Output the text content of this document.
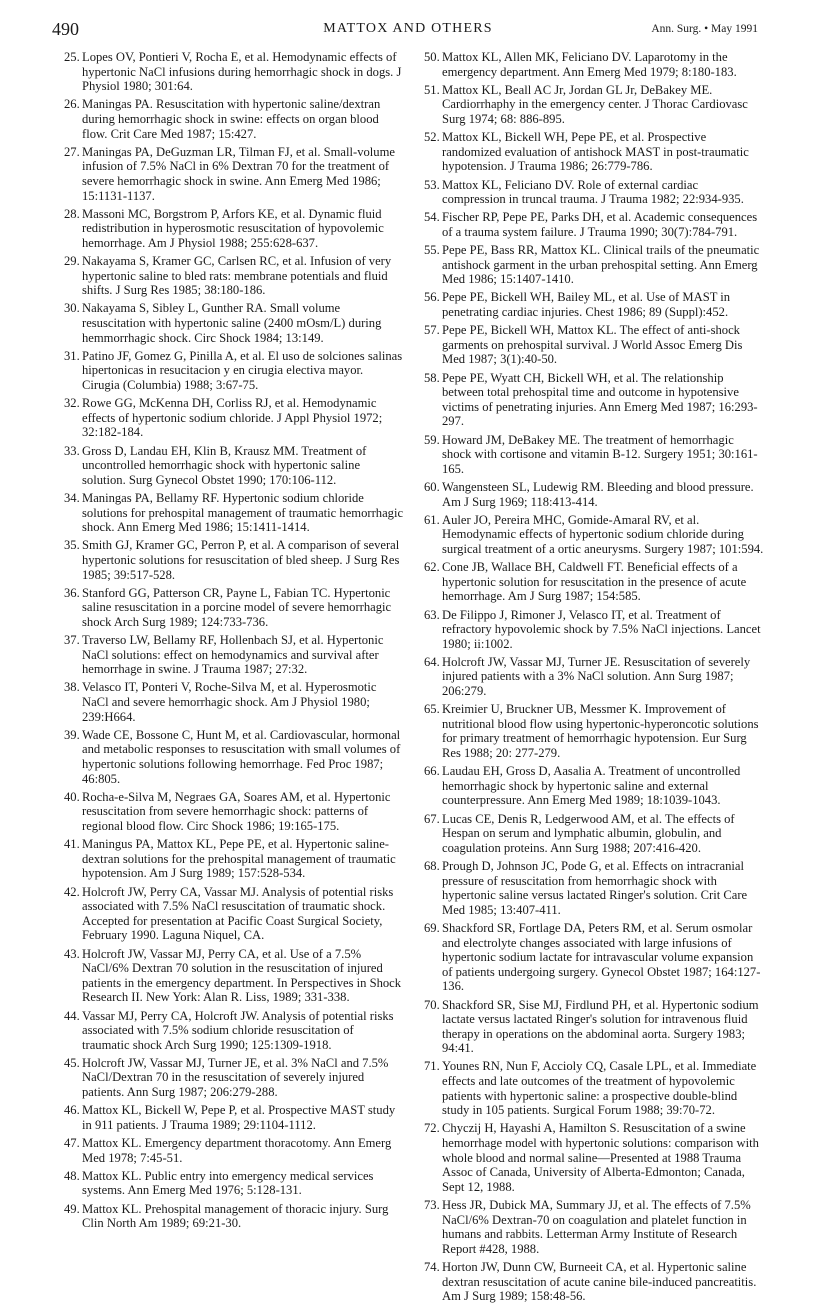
490	MATTOX AND OTHERS	Ann. Surg. • May 1991

25. Lopes OV, Pontieri V, Rocha E, et al. Hemodynamic effects of hypertonic NaCl infusions during hemorrhagic shock in dogs. J Physiol 1980; 301:64.

26. Maningas PA. Resuscitation with hypertonic saline/dextran during hemorrhagic shock in swine: effects on organ blood flow. Crit Care Med 1987; 15:427.

27. Maningas PA, DeGuzman LR, Tilman FJ, et al. Small-volume infusion of 7.5% NaCl in 6% Dextran 70 for the treatment of severe hemorrhagic shock in swine. Ann Emerg Med 1986; 15:1131-1137.

28. Massoni MC, Borgstrom P, Arfors KE, et al. Dynamic fluid redistribution in hyperosmotic resuscitation of hypovolemic hemorrhage. Am J Physiol 1988; 255:628-637.

29. Nakayama S, Kramer GC, Carlsen RC, et al. Infusion of very hypertonic saline to bled rats: membrane potentials and fluid shifts. J Surg Res 1985; 38:180-186.

30. Nakayama S, Sibley L, Gunther RA. Small volume resuscitation with hypertonic saline (2400 mOsm/L) during hemmorrhagic shock. Circ Shock 1984; 13:149.

31. Patino JF, Gomez G, Pinilla A, et al. El uso de solciones salinas hipertonicas in resucitacion y en cirugia electiva mayor. Cirugia (Columbia) 1988; 3:67-75.

32. Rowe GG, McKenna DH, Corliss RJ, et al. Hemodynamic effects of hypertonic sodium chloride. J Appl Physiol 1972; 32:182-184.

33. Gross D, Landau EH, Klin B, Krausz MM. Treatment of uncontrolled hemorrhagic shock with hypertonic saline solution. Surg Gynecol Obstet 1990; 170:106-112.

34. Maningas PA, Bellamy RF. Hypertonic sodium chloride solutions for prehospital management of traumatic hemorrhagic shock. Ann Emerg Med 1986; 15:1411-1414.

35. Smith GJ, Kramer GC, Perron P, et al. A comparison of several hypertonic solutions for resuscitation of bled sheep. J Surg Res 1985; 39:517-528.

36. Stanford GG, Patterson CR, Payne L, Fabian TC. Hypertonic saline resuscitation in a porcine model of severe hemorrhagic shock Arch Surg 1989; 124:733-736.

37. Traverso LW, Bellamy RF, Hollenbach SJ, et al. Hypertonic NaCl solutions: effect on hemodynamics and survival after hemorrhage in swine. J Trauma 1987; 27:32.

38. Velasco IT, Ponteri V, Roche-Silva M, et al. Hyperosmotic NaCl and severe hemorrhagic shock. Am J Physiol 1980; 239:H664.

39. Wade CE, Bossone C, Hunt M, et al. Cardiovascular, hormonal and metabolic responses to resuscitation with small volumes of hypertonic solutions following hemorrhage. Fed Proc 1987; 46:805.

40. Rocha-e-Silva M, Negraes GA, Soares AM, et al. Hypertonic resuscitation from severe hemorrhagic shock: patterns of regional blood flow. Circ Shock 1986; 19:165-175.

41. Maningus PA, Mattox KL, Pepe PE, et al. Hypertonic saline-dextran solutions for the prehospital management of traumatic hypotension. Am J Surg 1989; 157:528-534.

42. Holcroft JW, Perry CA, Vassar MJ. Analysis of potential risks associated with 7.5% NaCl resuscitation of traumatic shock. Accepted for presentation at Pacific Coast Surgical Society, February 1990. Laguna Niquel, CA.

43. Holcroft JW, Vassar MJ, Perry CA, et al. Use of a 7.5% NaCl/6% Dextran 70 solution in the resuscitation of injured patients in the emergency department. In Perspectives in Shock Research II. New York: Alan R. Liss, 1989; 331-338.

44. Vassar MJ, Perry CA, Holcroft JW. Analysis of potential risks associated with 7.5% sodium chloride resuscitation of traumatic shock Arch Surg 1990; 125:1309-1918.

45. Holcroft JW, Vassar MJ, Turner JE, et al. 3% NaCl and 7.5% NaCl/Dextran 70 in the resuscitation of severely injured patients. Ann Surg 1987; 206:279-288.

46. Mattox KL, Bickell W, Pepe P, et al. Prospective MAST study in 911 patients. J Trauma 1989; 29:1104-1112.

47. Mattox KL. Emergency department thoracotomy. Ann Emerg Med 1978; 7:45-51.

48. Mattox KL. Public entry into emergency medical services systems. Ann Emerg Med 1976; 5:128-131.

49. Mattox KL. Prehospital management of thoracic injury. Surg Clin North Am 1989; 69:21-30.

50. Mattox KL, Allen MK, Feliciano DV. Laparotomy in the emergency department. Ann Emerg Med 1979; 8:180-183.

51. Mattox KL, Beall AC Jr, Jordan GL Jr, DeBakey ME. Cardiorrhaphy in the emergency center. J Thorac Cardiovasc Surg 1974; 68: 886-895.

52. Mattox KL, Bickell WH, Pepe PE, et al. Prospective randomized evaluation of antishock MAST in post-traumatic hypotension. J Trauma 1986; 26:779-786.

53. Mattox KL, Feliciano DV. Role of external cardiac compression in truncal trauma. J Trauma 1982; 22:934-935.

54. Fischer RP, Pepe PE, Parks DH, et al. Academic consequences of a trauma system failure. J Trauma 1990; 30(7):784-791.

55. Pepe PE, Bass RR, Mattox KL. Clinical trails of the pneumatic antishock garment in the urban prehospital setting. Ann Emerg Med 1986; 15:1407-1410.

56. Pepe PE, Bickell WH, Bailey ML, et al. Use of MAST in penetrating cardiac injuries. Chest 1986; 89 (Suppl):452.

57. Pepe PE, Bickell WH, Mattox KL. The effect of anti-shock garments on prehospital survival. J World Assoc Emerg Dis Med 1987; 3(1):40-50.

58. Pepe PE, Wyatt CH, Bickell WH, et al. The relationship between total prehospital time and outcome in hypotensive victims of penetrating injuries. Ann Emerg Med 1987; 16:293-297.

59. Howard JM, DeBakey ME. The treatment of hemorrhagic shock with cortisone and vitamin B-12. Surgery 1951; 30:161-165.

60. Wangensteen SL, Ludewig RM. Bleeding and blood pressure. Am J Surg 1969; 118:413-414.

61. Auler JO, Pereira MHC, Gomide-Amaral RV, et al. Hemodynamic effects of hypertonic sodium chloride during surgical treatment of a ortic aneurysms. Surgery 1987; 101:594.

62. Cone JB, Wallace BH, Caldwell FT. Beneficial effects of a hypertonic solution for resuscitation in the presence of acute hemorrhage. Am J Surg 1987; 154:585.

63. De Filippo J, Rimoner J, Velasco IT, et al. Treatment of refractory hypovolemic shock by 7.5% NaCl injections. Lancet 1980; ii:1002.

64. Holcroft JW, Vassar MJ, Turner JE. Resuscitation of severely injured patients with a 3% NaCl solution. Ann Surg 1987; 206:279.

65. Kreimier U, Bruckner UB, Messmer K. Improvement of nutritional blood flow using hypertonic-hyperoncotic solutions for primary treatment of hemorrhagic hypotension. Eur Surg Res 1988; 20: 277-279.

66. Laudau EH, Gross D, Aasalia A. Treatment of uncontrolled hemorrhagic shock by hypertonic saline and external counterpressure. Ann Emerg Med 1989; 18:1039-1043.

67. Lucas CE, Denis R, Ledgerwood AM, et al. The effects of Hespan on serum and lymphatic albumin, globulin, and coagulation proteins. Ann Surg 1988; 207:416-420.

68. Prough D, Johnson JC, Pode G, et al. Effects on intracranial pressure of resuscitation from hemorrhagic shock with hypertonic saline versus lactated Ringer's solution. Crit Care Med 1985; 13:407-411.

69. Shackford SR, Fortlage DA, Peters RM, et al. Serum osmolar and electrolyte changes associated with large infusions of hypertonic sodium lactate for intravascular volume expansion of patients undergoing surgery. Gynecol Obstet 1987; 164:127-136.

70. Shackford SR, Sise MJ, Firdlund PH, et al. Hypertonic sodium lactate versus lactated Ringer's solution for intravenous fluid therapy in operations on the abdominal aorta. Surgery 1983; 94:41.

71. Younes RN, Nun F, Accioly CQ, Casale LPL, et al. Immediate effects and late outcomes of the treatment of hypovolemic patients with hypertonic saline: a prospective double-blind study in 105 patients. Surgical Forum 1988; 39:70-72.

72. Chyczij H, Hayashi A, Hamilton S. Resuscitation of a swine hemorrhage model with hypertonic solutions: comparison with whole blood and normal saline—Presented at 1988 Trauma Assoc of Canada, University of Alberta-Edmonton; Canada, Sept 12, 1988.

73. Hess JR, Dubick MA, Summary JJ, et al. The effects of 7.5% NaCl/6% Dextran-70 on coagulation and platelet function in humans and rabbits. Letterman Army Institute of Research Report #428, 1988.

74. Horton JW, Dunn CW, Burneeit CA, et al. Hypertonic saline dextran resuscitation of acute canine bile-induced pancreatitis. Am J Surg 1989; 158:48-56.
